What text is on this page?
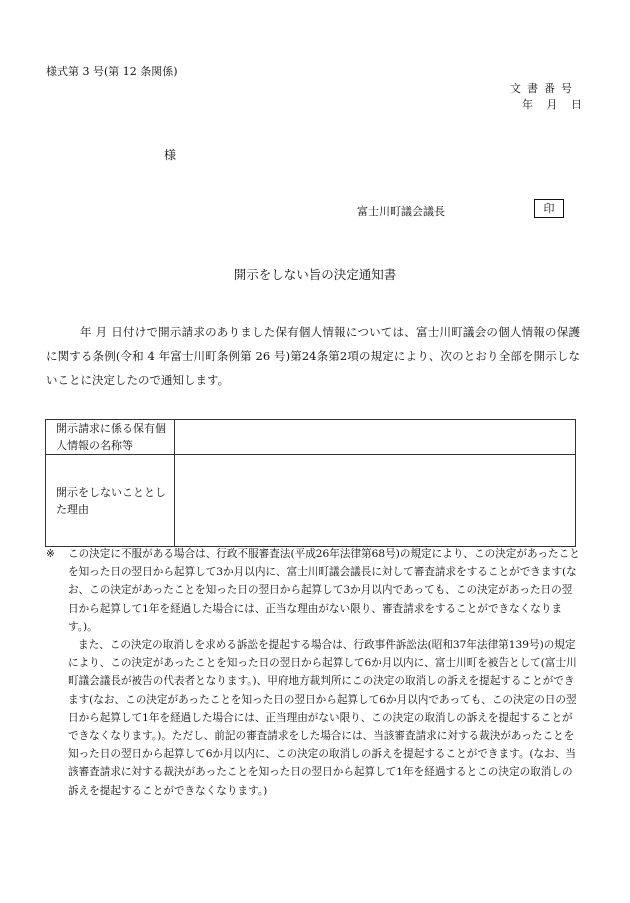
様式第 3 号(第 12 条関係)
文書番号
年 月 日
様
富士川町議会議長	印
開示をしない旨の決定通知書
年 月 日付けで開示請求のありました保有個人情報については、富士川町議会の個人情報の保護に関する条例(令和 4 年富士川町条例第 26 号)第24条第2項の規定により、次のとおり全部を開示しないことに決定したので通知します。
開示請求に係る保有個人情報の名称等	
開示をしないこととした理由	

※ この決定に不服がある場合は、行政不服審査法(平成26年法律第68号)の規定により、この決定があったことを知った日の翌日から起算して3か月以内に、富士川町議会議長に対して審査請求をすることができます(なお、この決定があったことを知った日の翌日から起算して3か月以内であっても、この決定があった日の翌日から起算して1年を経過した場合には、正当な理由がない限り、審査請求をすることができなくなります。)。

また、この決定の取消しを求める訴訟を提起する場合は、行政事件訴訟法(昭和37年法律第139号)の規定により、この決定があったことを知った日の翌日から起算して6か月以内に、富士川町を被告として(富士川町議会議長が被告の代表者となります。)、甲府地方裁判所にこの決定の取消しの訴えを提起することができます(なお、この決定があったことを知った日の翌日から起算して6か月以内であっても、この決定の日の翌日から起算して1年を経過した場合には、正当理由がない限り、この決定の取消しの訴えを提起することができなくなります。)。ただし、前記の審査請求をした場合には、当該審査請求に対する裁決があったことを知った日の翌日から起算して6か月以内に、この決定の取消しの訴えを提起することができます。(なお、当該審査請求に対する裁決があったことを知った日の翌日から起算して1年を経過するとこの決定の取消しの訴えを提起することができなくなります。)
